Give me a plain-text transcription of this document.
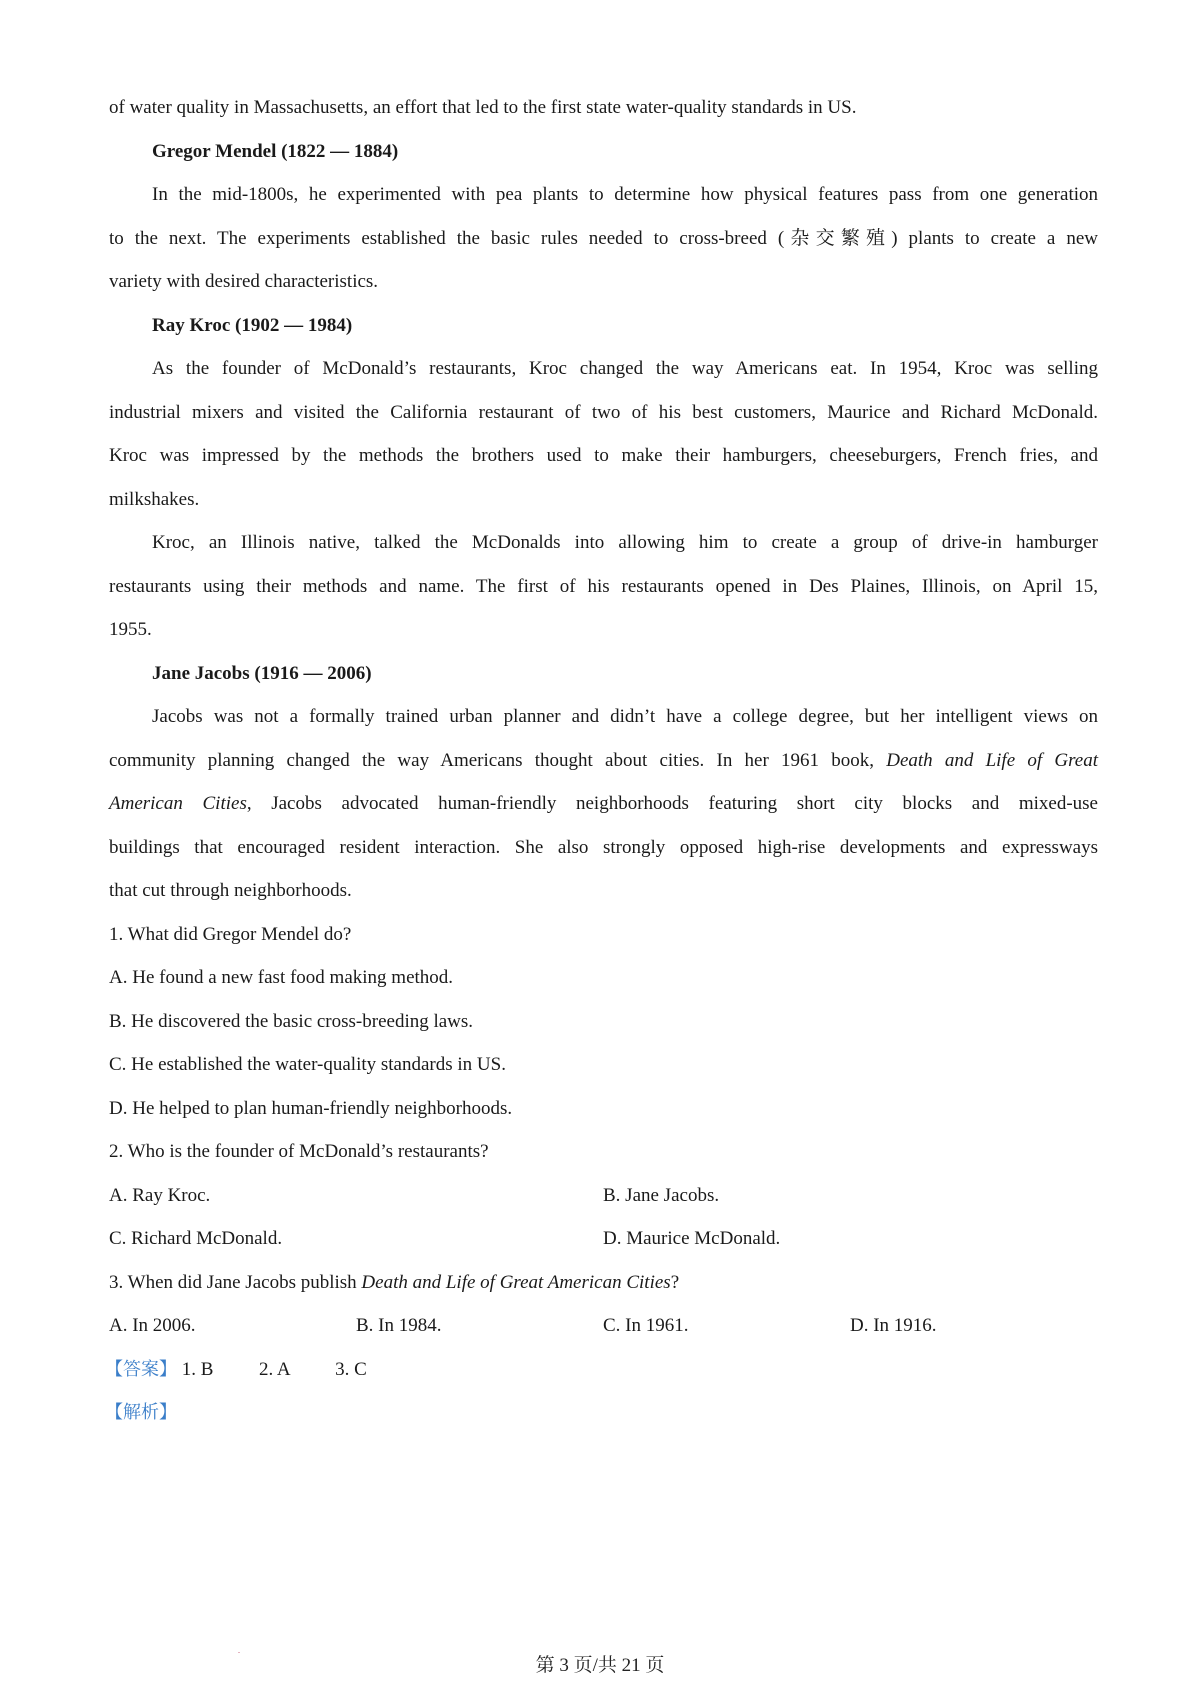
of water quality in Massachusetts, an effort that led to the first state water-quality standards in US.
Gregor Mendel (1822 — 1884)
In the mid-1800s, he experimented with pea plants to determine how physical features pass from one generation
to the next. The experiments established the basic rules needed to cross-breed (杂交繁殖) plants to create a new
variety with desired characteristics.
Ray Kroc (1902 — 1984)
As the founder of McDonald’s restaurants, Kroc changed the way Americans eat. In 1954, Kroc was selling
industrial mixers and visited the California restaurant of two of his best customers, Maurice and Richard McDonald.
Kroc was impressed by the methods the brothers used to make their hamburgers, cheeseburgers, French fries, and
milkshakes.
Kroc, an Illinois native, talked the McDonalds into allowing him to create a group of drive-in hamburger
restaurants using their methods and name. The first of his restaurants opened in Des Plaines, Illinois, on April 15,
1955.
Jane Jacobs (1916 — 2006)
Jacobs was not a formally trained urban planner and didn’t have a college degree, but her intelligent views on
community planning changed the way Americans thought about cities. In her 1961 book, Death and Life of Great
American Cities, Jacobs advocated human-friendly neighborhoods featuring short city blocks and mixed-use
buildings that encouraged resident interaction. She also strongly opposed high-rise developments and expressways
that cut through neighborhoods.
1. What did Gregor Mendel do?
A. He found a new fast food making method.
B. He discovered the basic cross-breeding laws.
C. He established the water-quality standards in US.
D. He helped to plan human-friendly neighborhoods.
2. Who is the founder of McDonald’s restaurants?
A. Ray Kroc.	B. Jane Jacobs.
C. Richard McDonald.	D. Maurice McDonald.
3. When did Jane Jacobs publish Death and Life of Great American Cities?
A. In 2006.	B. In 1984.	C. In 1961.	D. In 1916.
【答案】 1. B 2. A 3. C
【解析】
第 3 页/共 21 页
